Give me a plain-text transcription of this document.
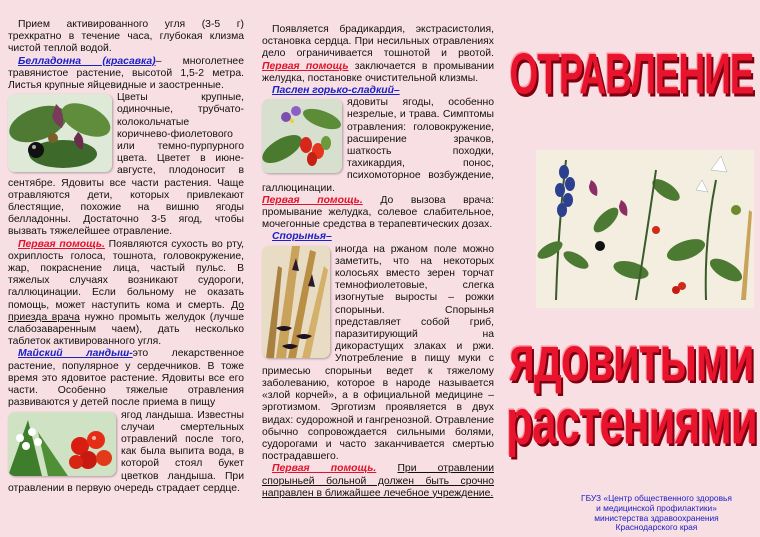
Прием активированного угля (3-5 г) трехкратно в течение часа, глубокая клизма чистой теплой водой.

Белладонна (красавка)– многолетнее травянистое растение, высотой 1,5-2 метра. Листья крупные яйцевидные и заостренные.

Цветы крупные, одиночные, трубчато-колокольчатые коричнево-фиолетового или темно-пурпурного цвета. Цветет в июне-августе, плодоносит в сентябре. Ядовиты все части растения. Чаще отравляются дети, которых привлекают блестящие, похожие на вишню ягоды белладонны. Достаточно 3-5 ягод, чтобы вызвать тяжелейшее отравление.

Первая помощь. Появляются сухость во рту, охриплость голоса, тошнота, головокружение, жар, покраснение лица, частый пульс. В тяжелых случаях возникают судороги, галлюцинации. Если больному не оказать помощь, может наступить кома и смерть. До приезда врача нужно промыть желудок (лучше слабозаваренным чаем), дать несколько таблеток активированного угля.

Майский ландыш-это лекарственное растение, популярное у сердечников. В тоже время это ядовитое растение. Ядовиты все его части. Особенно тяжелые отравления развиваются у детей после приема в пищу

ягод ландыша. Известны случаи смертельных отравлений после того, как была выпита вода, в которой стоял букет цветков ландыша. При отравлении в первую очередь страдает сердце.

Появляется брадикардия, экстрасистолия, остановка сердца. При несильных отравлениях дело ограничивается тошнотой и рвотой. Первая помощь заключается в промывании желудка, постановке очистительной клизмы.

Паслен горько-сладкий–

ядовиты ягоды, особенно незрелые, и трава. Симптомы отравления: головокружение, расширение зрачков, шаткость походки, тахикардия, понос, психомоторное возбуждение, галлюцинации.

Первая помощь. До вызова врача: промывание желудка, солевое слабительное, мочегонные средства в терапевтических дозах.

Спорынья–

иногда на ржаном поле можно заметить, что на некоторых колосьях вместо зерен торчат темнофиолетовые, слегка изогнутые выросты – рожки спорыньи. Спорынья представляет собой гриб, паразитирующий на дикорастущих злаках и ржи. Употребление в пищу муки с примесью спорыньи ведет к тяжелому заболеванию, которое в народе называется «злой корчей», а в официальной медицине – эрготизмом. Эрготизм проявляется в двух видах: судорожной и гангренозной. Отравление обычно сопровождается сильными болями, судорогами и часто заканчивается смертью пострадавшего.

Первая помощь. При отравлении спорыньей больной должен быть срочно направлен в ближайшее лечебное учреждение.

ОТРАВЛЕНИЕ
ядовитыми
растениями
ГБУЗ «Центр общественного здоровья
и медицинской профилактики»
министерства здравоохранения
Краснодарского края
